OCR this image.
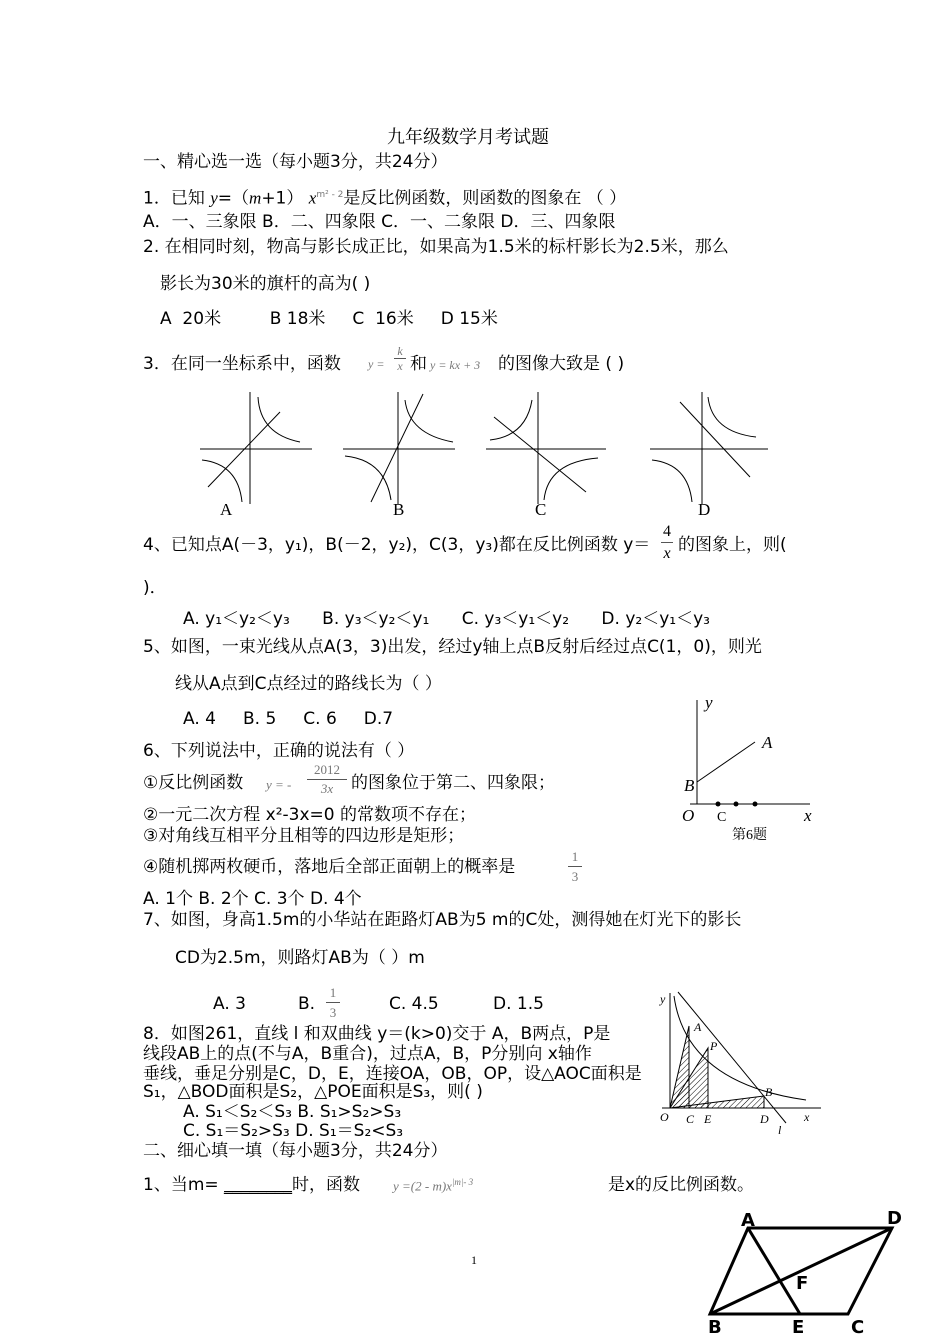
九年级数学月考试题
一、精心选一选（每小题3分，共24分）
1．已知 y=（m+1） $x^{m^2 - 2}$是反比例函数，则函数的图象在 （ ）
A．一、三象限 B．二、四象限 C．一、二象限 D．三、四象限
2. 在相同时刻，物高与影长成正比，如果高为1.5米的标杆影长为2.5米，那么
影长为30米的旗杆的高为( )
A  20米         B 18米     C  16米     D 15米
3．在同一坐标系中，函数 $y = \frac{k}{x}$ 和 y = kx + 3 的图像大致是 ( )
A	B	C	D
4、已知点A(－3，y₁)，B(－2，y₂)，C(3，y₃)都在反比例函数 $y= \frac{4}{x}$ 的图象上，则(
)．
A. y₁＜y₂＜y₃      B. y₃＜y₂＜y₁      C. y₃＜y₁＜y₂      D. y₂＜y₁＜y₃
5、如图，一束光线从点A(3，3)出发，经过y轴上点B反射后经过点C(1，0)，则光
线从A点到C点经过的路线长为（ ）
A. 4     B. 5     C. 6     D.7
y
A
B
O C	x
第6题
6、下列说法中，正确的说法有（ ）
①反比例函数 y = - $\frac{2012}{3x}$ 的图象位于第二、四象限；
②一元二次方程 x²-3x=0 的常数项不存在；
③对角线互相平分且相等的四边形是矩形；
④随机掷两枚硬币，落地后全部正面朝上的概率是	$\frac{1}{3}$
A. 1个 B. 2个 C. 3个 D. 4个
7、如图，身高1.5m的小华站在距路灯AB为5 m的C处，测得她在灯光下的影长
CD为2.5m，则路灯AB为（ ）m
A. 3	B. $\frac{1}{3}$	C. 4.5	D. 1.5
8．如图261，直线 l 和双曲线 y＝(k>0)交于 A，B两点，P是
线段AB上的点(不与A，B重合)，过点A，B，P分别向 x轴作
垂线，垂足分别是C，D，E，连接OA，OB，OP，设△AOC面积是
S₁，△BOD面积是S₂，△POE面积是S₃，则( )
A. S₁＜S₂＜S₃ B. S₁>S₂>S₃
C. S₁＝S₂>S₃ D. S₁＝S₂<S₃
y
A
P
B
O C E	D
l
x
二、细心填一填（每小题3分，共24分）
1、当m= ________时，函数	$y =(2 - m)x^{|m|- 3}$	是x的反比例函数。
1
A	D
F
B	E	C
